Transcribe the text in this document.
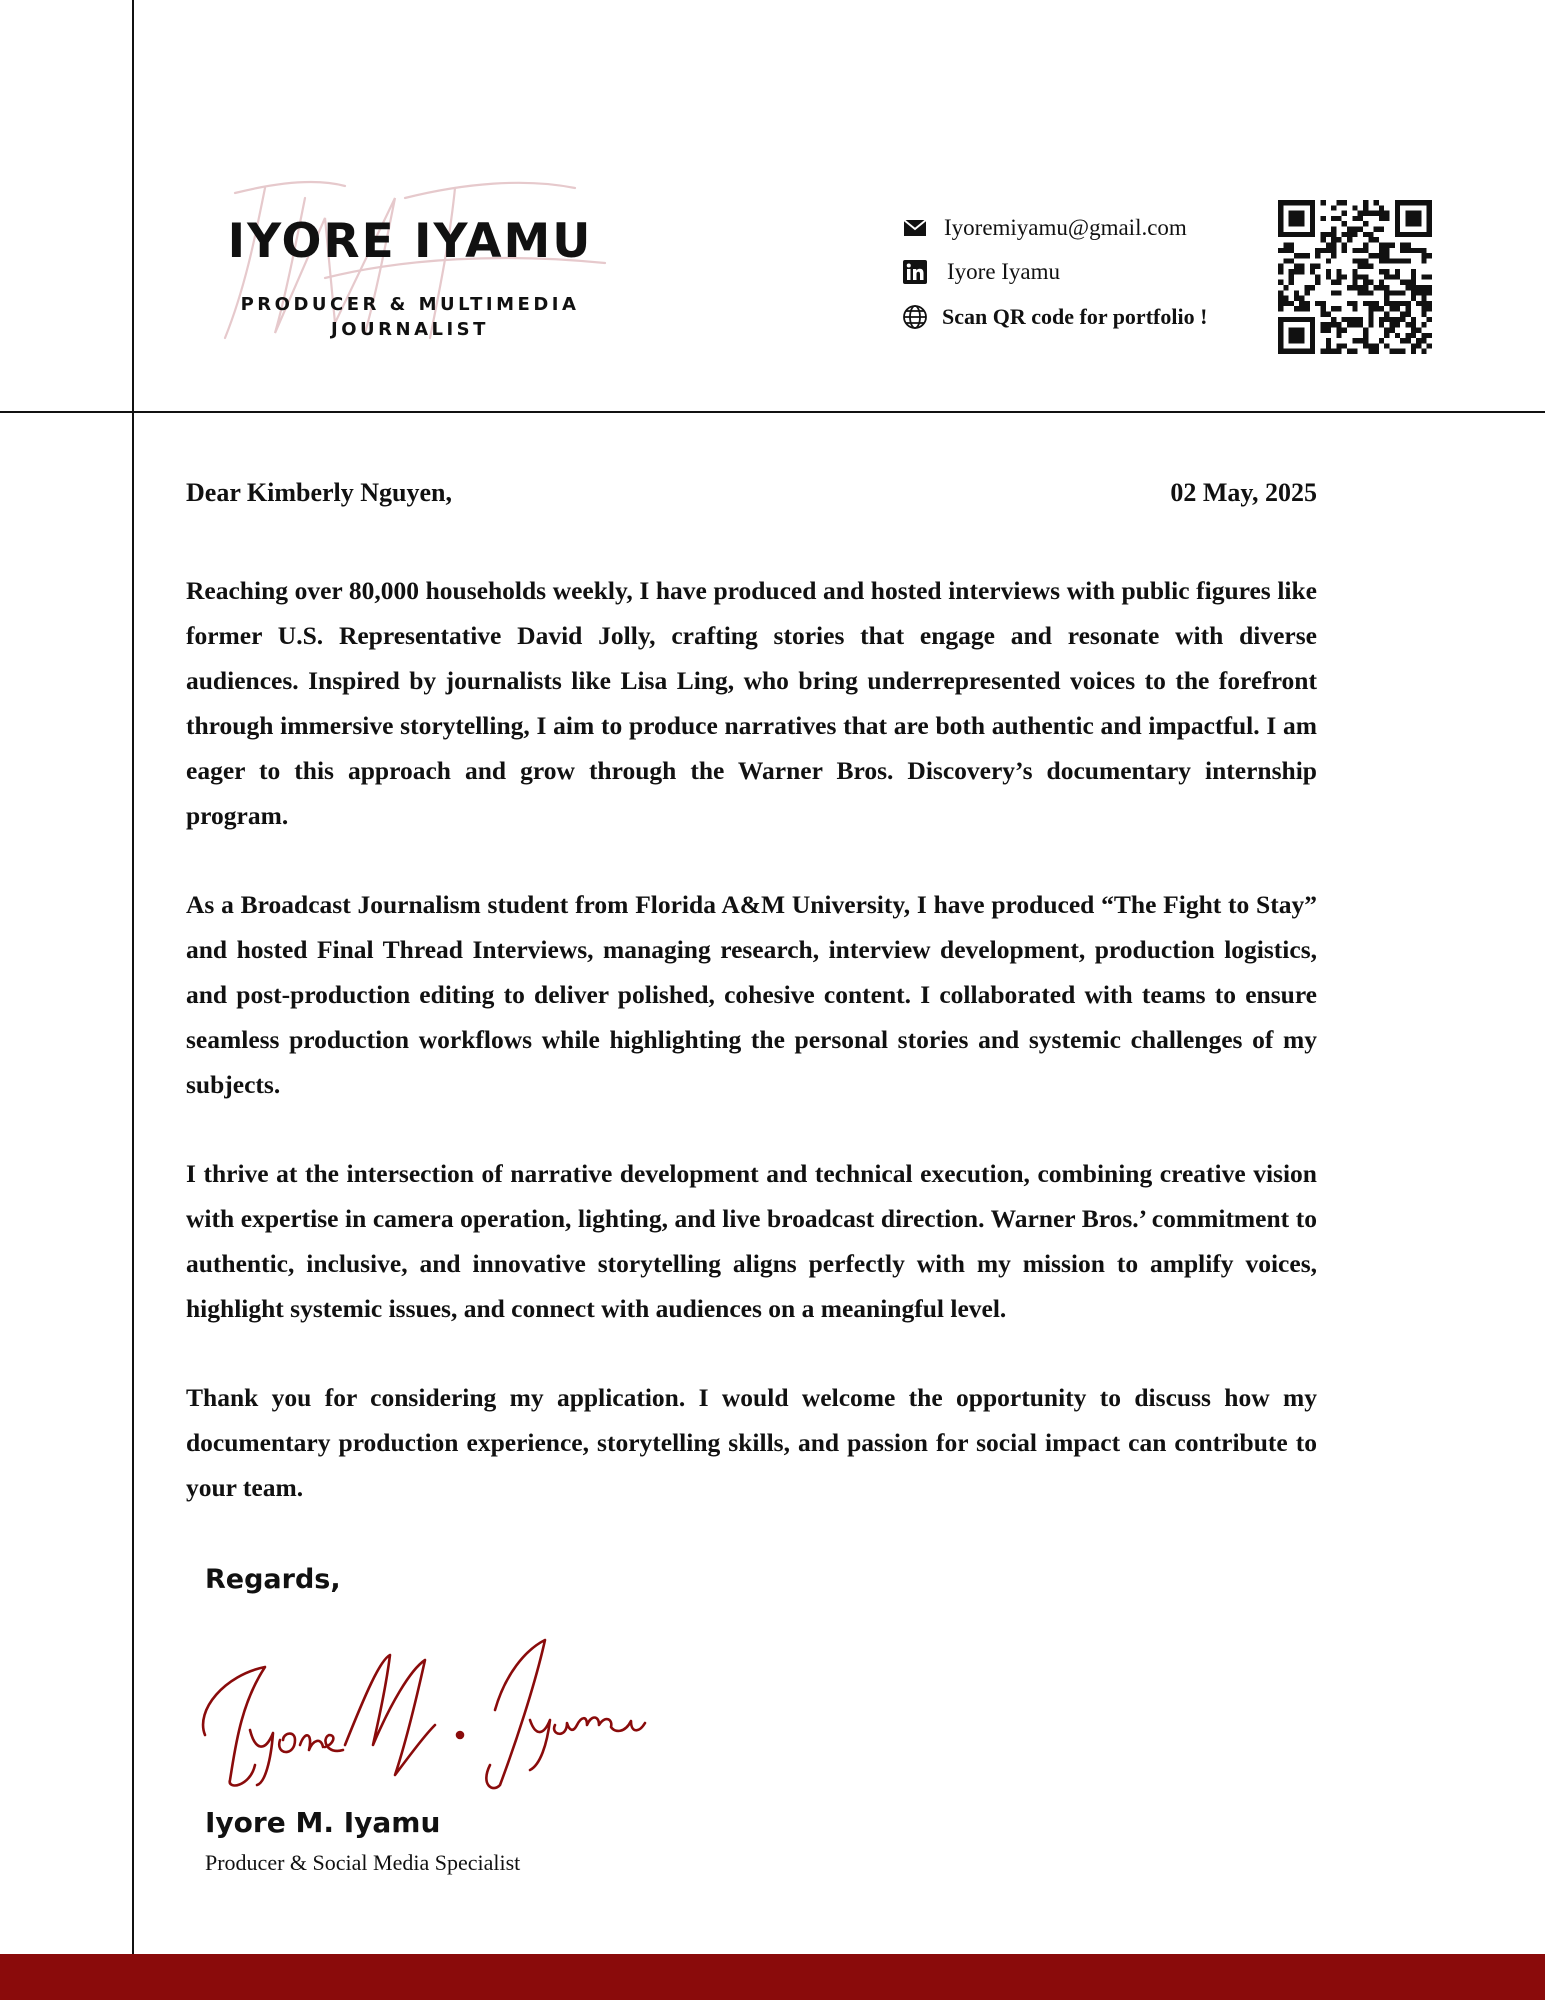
IYORE IYAMU
PRODUCER & MULTIMEDIA
JOURNALIST
Iyoremiyamu@gmail.com
Iyore Iyamu
Scan QR code for portfolio !
Dear Kimberly Nguyen,	02 May, 2025

Reaching over 80,000 households weekly, I have produced and hosted interviews with public figures like former U.S. Representative David Jolly, crafting stories that engage and resonate with diverse audiences. Inspired by journalists like Lisa Ling, who bring underrepresented voices to the forefront through immersive storytelling, I aim to produce narratives that are both authentic and impactful. I am eager to this approach and grow through the Warner Bros. Discovery’s documentary internship program.

As a Broadcast Journalism student from Florida A&M University, I have produced “The Fight to Stay” and hosted Final Thread Interviews, managing research, interview development, production logistics, and post-production editing to deliver polished, cohesive content. I collaborated with teams to ensure seamless production workflows while highlighting the personal stories and systemic challenges of my subjects.

I thrive at the intersection of narrative development and technical execution, combining creative vision with expertise in camera operation, lighting, and live broadcast direction. Warner Bros.’ commitment to authentic, inclusive, and innovative storytelling aligns perfectly with my mission to amplify voices, highlight systemic issues, and connect with audiences on a meaningful level.

Thank you for considering my application. I would welcome the opportunity to discuss how my documentary production experience, storytelling skills, and passion for social impact can contribute to your team.

Regards,
Iyore M. Iyamu
Producer & Social Media Specialist
